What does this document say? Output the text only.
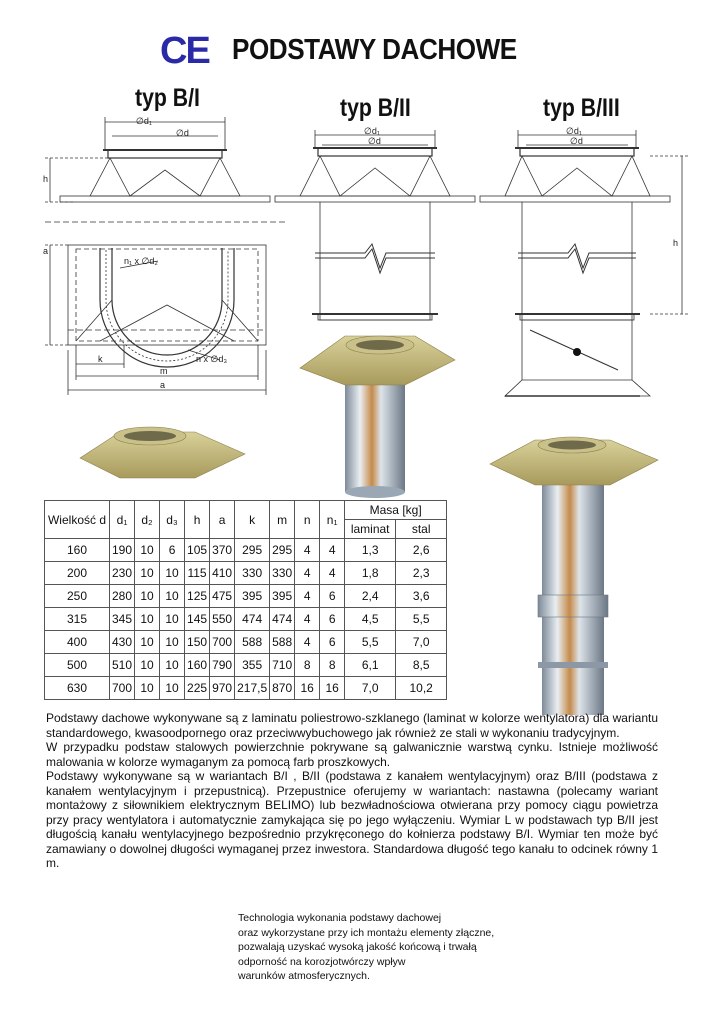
CE PODSTAWY DACHOWE
typ B/I	typ B/II	typ B/III
∅d₁
∅d
h
a
n₁ x ∅d₂
k	n x ∅d₃
m
a
∅d₁
∅d
∅d₁
∅d
h
Wielkość d	d₁	d₂	d₃	h	a	k	m	n	n₁	Masa [kg]	
										laminat	stal
160	190	10	6	105	370	295	295	4	4	1,3	2,6
200	230	10	10	115	410	330	330	4	4	1,8	2,3
250	280	10	10	125	475	395	395	4	6	2,4	3,6
315	345	10	10	145	550	474	474	4	6	4,5	5,5
400	430	10	10	150	700	588	588	4	6	5,5	7,0
500	510	10	10	160	790	355	710	8	8	6,1	8,5
630	700	10	10	225	970	217,5	870	16	16	7,0	10,2

Podstawy dachowe wykonywane są z laminatu poliestrowo-szklanego (laminat w kolorze wentylatora) dla wariantu standardowego, kwasoodpornego oraz przeciwwybuchowego jak również ze stali w wykonaniu tradycyjnym.

W przypadku podstaw stalowych powierzchnie pokrywane są galwanicznie warstwą cynku. Istnieje możliwość malowania w kolorze wymaganym za pomocą farb proszkowych.

Podstawy wykonywane są w wariantach B/I , B/II (podstawa z kanałem wentylacyjnym) oraz B/III (podstawa z kanałem wentylacyjnym i przepustnicą). Przepustnice oferujemy w wariantach: nastawna (polecamy wariant montażowy z siłownikiem elektrycznym BELIMO) lub bezwładnościowa otwierana przy pomocy ciągu powietrza przy pracy wentylatora i automatycznie zamykająca się po jego wyłączeniu. Wymiar L w podstawach typ B/II jest długością kanału wentylacyjnego bezpośrednio przykręconego do kołnierza podstawy B/I. Wymiar ten może być zamawiany o dowolnej długości wymaganej przez inwestora. Standardowa długość tego kanału to odcinek równy 1 m.

Technologia wykonania podstawy dachowej
oraz wykorzystane przy ich montażu elementy złączne,
pozwalają uzyskać wysoką jakość końcową i trwałą
odporność na korozjotwórczy wpływ
warunków atmosferycznych.
